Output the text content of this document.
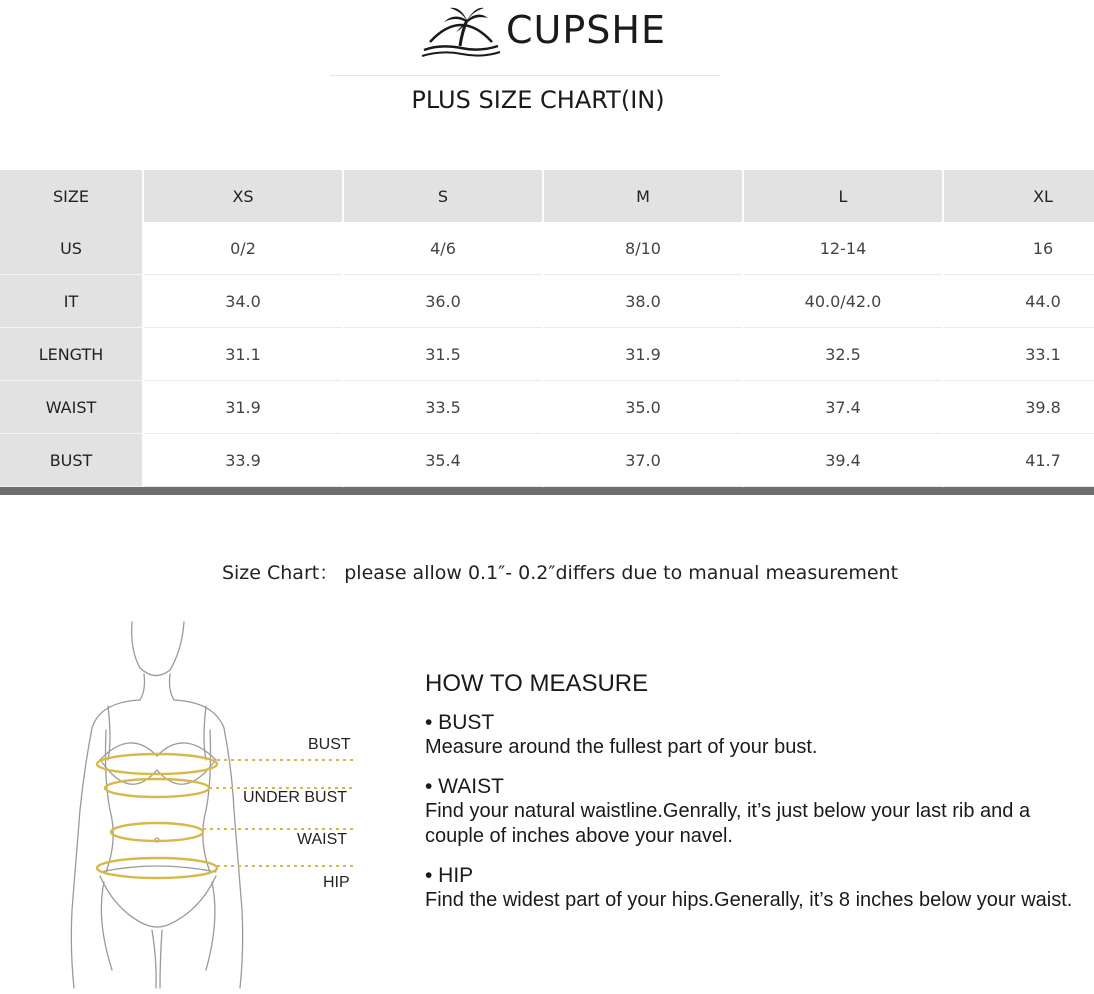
CUPSHE
PLUS SIZE CHART(IN)
SIZE	XS	S	M	L	XL
US	0/2	4/6	8/10	12-14	16
IT	34.0	36.0	38.0	40.0/42.0	44.0
LENGTH	31.1	31.5	31.9	32.5	33.1
WAIST	31.9	33.5	35.0	37.4	39.8
BUST	33.9	35.4	37.0	39.4	41.7
Size Chart： please allow 0.1″- 0.2″differs due to manual measurement
BUST
UNDER BUST
WAIST
HIP
HOW TO MEASURE
• BUST
Measure around the fullest part of your bust.
• WAIST
Find your natural waistline.Genrally, it’s just below your last rib and a couple of inches above your navel.
• HIP
Find the widest part of your hips.Generally, it’s 8 inches below your waist.
